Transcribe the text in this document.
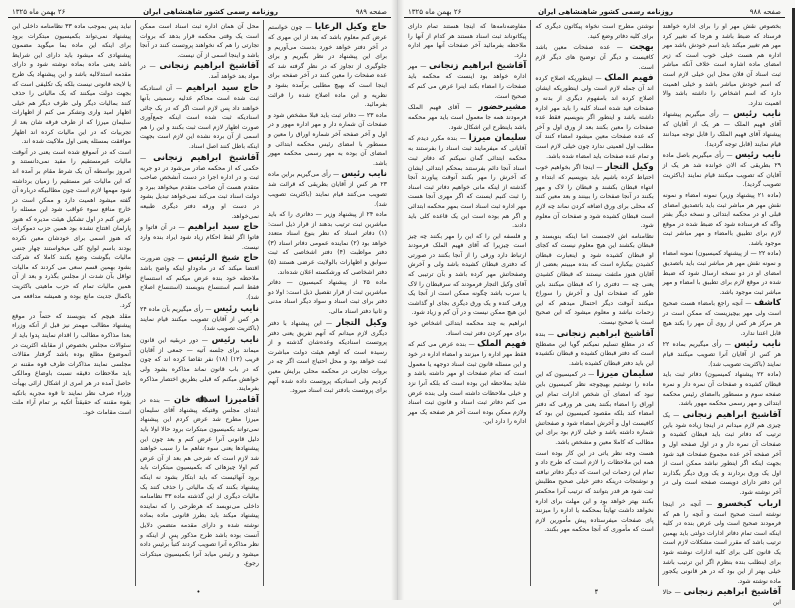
صفحه ۹۸۹
روزنامه رسمی کشور شاهنشاهی ایران
۲۶ بهمن ماه ۱۳۲۵
حاج وکیل الرعایا — چون خواستم عرض کنم معلوم باشد که بعد از این مهری که در آخر دفتر خواهد خورد بدست می‌آوریم و برای این پیشنهاد در نظر بگیریم و برای جلوگیری از تجاوز که در نظر گرفته شد که عده صفحات را معین کنند در آخر صفحه برای اینجا است که بهیچ مطلبی برآمده بشود و نظریه و این ماده اصلاح شده را قرائت بفرمائید.
ماده ۲۳ — دفاتر ثبت باید قبلا مشخص شود و صفحات آن شماره دار و مهر اداره مهور و در اول و آخر صفحه آخر شماره اوراق را معین و مسطور با امضای رئیس محکمه ابتدائی و امضای آن بوده به مهر رسمی محکمه مهور باشد.
نایب رئیس — رأی می‌گیریم براین ماده ۲۳ هر کس از آقایان بطریقی که قرائت شد تصویب می‌کنند قیام نمایند (باکثریت تصویب شد).
ماده ۲۴ از پیشنهاد وزیر — دفاتری را که باید مباشرین ثبت ترتیب بدهند از قرار ذیل است: (۱) دفاتر اسناد که نظر بنوع اسناد متعدد خواهد بود (۲) نماینده عمومی دفاتر اسناد (۳) دفتر مواظبت (۴) دفتر اشخاصی که ثبت سوابق و اظهارات بالولایت عرضی هستند (۵) دفتر اشخاصی که ورشکسته اعلان شده‌اند.
ماده ۲۵ از پیشنهاد کمیسیون — دفاتر مباشرین ثبت از قرار تفصیل ذیل است: اولا دو دفتر برای ثبت اسناد و سواد دیگر اسناد مدنی و ثانیا دفتر اسناد مالی.
وکیل التجار — این پیشنهاد با دفتر دیگری لازم میدانم که آنهم تفریق یعنی دفتر پروتست اسنادیکه وعده‌شان گذشته و از رسیده است که اوهم هیئت دولت مباشرت ثبت خواهد بود و محل احتیاج است اگر چه در بروات تجارتی در محکمه محلی برایش معین کردیم ولی اسنادیکه پروتست داده شده آنهم برای پروتست بادفتر ثبت اسناد میرود.
محل آن همان اداره ثبت اسناد است ممکن است یک وقتی محکمه قرار بدهد که بروات تجارتی را هم که نخواهند پروتست کنند در آنجا باشد و اینجا اسمی از آن نیست.
آقاشیخ ابراهیم زنجانی — در مواد بعد خواهد آمد.
حاج سید ابراهیم — آن اسنادیکه ثبت شده است محاکم عدلیه رسمیتی بآنها خواهند داد پس لازم است اگر که در یک جائی اسنادیکه ثبت شده است اینکه جمع‌آوری صورت اظهار لازم است ثبت بکنند و این را هم اسمی از آن برده نشده این لازم است بجهت اینکه باطل کنند اصل اسناد.
آقاشیخ ابراهیم زنجانی — حکمی که از محکمه صادر می‌شود در دو جریه ثبت و در اداره اجرا در دست آنشخص صاحب متقدم هست آن صاحب متقدم میخواهد ببرد و دولت اسناد ثبت می‌کند نمی‌خواهد تبدیل بشود در دست او ورقه دفتر دیگری طبیعه نمی‌خواهد.
حاج سید ابراهیم — در آن فاتوا و فاتوا اگر لفظ احکام زیاد شود ایراد بنده وارد نیست.
حاج شیخ الرئیس — چون ضرورت اقتضا میکند که در مادوداو اینکه واضح باشد ملاحظه خود بنده عرض میکنم که استنساخ فقط اسم استنساخ بنویسند (استنساخ اصلاح شد).
نایب رئیس — رأی میگیریم بآن ماده ۲۴ هر کس از آقایان تصویب میکنند قیام نمایند (باکثریت تصویب شد).
نایب رئیس — دور دربقیه این قانون میماند برای جلسه آتیه — جمعی از آقایان قریب (۱۲) (۱۸) نفر تقاضا کرده اند که چون که در باب قانون نماند مذاکره بشود ولی خواهش میکنم که قبلی بطریق اختصار مذاکره بفرمایند.
آقامیرزا اسداﷲ خان — بنده در ابتدای مجلس وقتیکه پیشنهاد آقای سلیمان میرزا مطرح شد عرض کردم این پیشنهاد نمی‌تواند بکمیسیون مبتکرات برود حالا اولا باید دلیل قانونی آنرا عرض کنم و بعد چون این پیشنهادها یعنی سوء تفاهم ما را سبب خواهند شد لازم است که شرحی هم بعد از آن عرض کنم اولا چیزهائی که بکمیسیون مبتکرات باید برود آنهائیست که باید ابتکار بشود نه اینکه پیشنهاد بکنند که یک مالیاتی را حذف کنند یک مالیات دیگری از این گذشته ماده ۳۳ نظامنامه داخلی می‌نویسد که هرطرحی را که نماینده پیشنهاد میکند باید بطرز قانونی ماده بماده نوشته شده و دارای مقدمه متضمن دلایل آنست بوده باشد طرح مذکور پس از اینکه و نظر مذاکره آنرا تصویب کردند کتباً برئیس داده میشود و رئیس میابد آنرا بکمیسیون مبتکرات رجوع.
نباید پس بموجب ماده ۳۳ نظامنامه داخلی این پیشنهاد نمی‌تواند بکمیسیون مبتکرات برود برای اینکه این ماده بما میگوید مضمون پیشنهادی که میشود باید دارای این شرایط باشد یعنی ماده بماده نوشته شود و دارای مقدمه استدلالیه باشد و این پیشنهاد یک طرح یا لایحه قانونی نیست بلکه یک تکلیفی است که بجهت دولت میکنند که یک مالیاتی را حذف کنند بمالیات دیگر ولی طرف دیگر هم خیلی اظهار امید واری وتشکر می کنم از اظهارات سلیمان میرزا که از طرف فرقه شان بعد از تجربیات که در این مالیات کرده اند اظهار موافقت بمسئله یعنی اول ملاکیت شده اند.
است که در آنموقع شده است یعنی در آنوقت مالیات غیرمستقیم را مفید نمی‌دانستند و امروز بواسطه آن یک شرط مقام بر آمده اند که این مالیات غیر مستقیم را زمیان برداشته شود مهمها لازم است چون مطالبیکه درباره آن گفته میشود اهمیت دارد و ممکن است در خارج منافع سوء عواقب شود این مسئله را عرض کنم در اول تشکیل هیئت مدیره که هنوز پارلمان افتتاح نشده بود همین حزب دموکرات که هنوز اسمی برای خودشان معین نکرده بودند باسم لوایح کلی میخواستند چهار جنس مالیات بگوشت وضع بکنند کاملا که شرکت بشود بهمین قسم سعی می کردند که مالیات تواقل بآن شدت از مجلس بگذرد و بعد از آن همین مالیات تمام که حزب ماهیتی باکثریت باکمال جدیت مانع بوده و همیشه مدافعه می کرد.
مقلد هیچم که بنویسند که حتماً در موقع پیشنهاد مطالب مهمتر نیز قبل از آنکه وزراء بعدا مذاکره مطالب را اقدام نمایند پدوا باید از سئوالات مجلس بخصوص از مقابله اکثریت در آنموضوع مطلع بوده باشد گرفتار مقالات مجلسی نمایند مذاکرات طرف قوه مقننه تر باید ملاحظات دقیقه نسبت باوضاع ومالکی حاصل آمده در هر امری از اشکال ارائی بهیأت وزراء صرف نظر نمایند تا قوه مجریه باتکیه بقوه مقننه که حقیقتاً اتکیه بر تمام آراء ملت است مقامات خود.
•
صفحه ۹۸۸
روزنامه رسمی کشور شاهنشاهی ایران
۲۶ بهمن ماه ۱۳۲۵
بخصوص نقش مهر او را برای اداره خواهند فرستاد که ضبط باشد و هرجا که تغییر کرد مهر هم تغییر میکند باید اسم خودش باشد مهر اداره هم هست خیلی خوب است که زیر امضای ماده اشاره است خلاف آنکه مباشر ثبت اسناد آن فلان محل این خیلی لازم است که اسم خودش مباشر باشد و خیلی اهمیت دارد که اسم اشخاص را داشته باشد والا اهمیت ندارد.
نایب رئیس — رأی میگیریم پیشنهاد آقای فهیم الملک — هر یک از آقایان که پیشنهاد آقای فهیم الملک را قابل توجه میدانند قیام نمایند (قابل توجه گردید).
نایب رئیس — رأی میگیریم باصل ماده ۲۹ بطریقی که الان خوانده شد هر یک از آقایان که تصویب میکنند قیام نمایند (باکثریت تصویب گردید).
(ماده ۲۱ پیشنهاد وزیر) نمونه امضاء و نمونه نقش مهر هر مباشر ثبت باید باتصدیق امضای قبلی او در محکمه ابتدائی و نسخه دیگر بفتر واگه که فرستاده شود که ضبط شده در موقع لازم برای تطبیق باامضاء و مهر مباشر ثبت موجود باشد.
(ماده ۲۲ — از پیشنهاد کمیسیون) نمونه امضاء و نمونه نقش مهر هر مباشر ثبت باید باتصدیق امضای او در دو نسخه ارسال شود که ضبط شده در موقع لازم برای تطبیق با امضاء و مهر مباشر ثبت موجود باشد.
کاشف — آنچه راجع بامضاء هست صحیح است ولی مهر بیچیزیست که ممکن است در هر مرکز هر کس از روی آن مهر را بکند هیچ قابل اعتنا ندارد.
نایب رئیس — رأی میگیریم بماده ۲۲ هر کس از آقایان آنرا تصویب میکنند قیام نمایند (باکثریت تصویب شد).
(ماده ۲۲ پیشنهاد کمیسیون) دفاتر ثبت باید قبطان کشیده و صفحات آن نمره دار و نمره صفحه سوم و مسطور باامضای رئیس محکمه ابتدائی و مهر رسمی محکمه مهور باشد.
آقاشیخ ابراهیم زنجانی — یک چیزی هم لازم میدانم در اینجا زیاده شود باین ترتیب که دفاتر ثبت باید قبطان کشیده و صفحات آن نمره دار و در اول صفحه اول و آخر صفحه آخر عده مجموع صفحات قید شود بجهت اینکه اگر اینطور نباشد ممکن است از اول یک ورق بردارند و یک ورق دیگر بگذارند این دفتر دارای دویست صفحه است ولی در آخر نوشته شود.
ارباب کیخسرو — آنچه در اینجا نوشته است صحیح است و آنچه را هم که فرمودند صحیح است ولی عرض بنده در کلیه اینکه است تمام دفاتر ادارات دولتی باید بهمین ترتیب باشد که مقرر است مشکلات لازم است یک قانون کلی برای کلیه ادارات نوشته شود برای اینطلب بنده بنظرم اگر این ترتیب باشد خیلی بهتر از این بود که در هر قانونی یکجور ماده نوشته شود.
آقاشیخ ابراهیم زنجانی — حالا این
نوشتن مطرح است نخواه پیکاتون دیگری که برای کلیه دفاتر وضع کنید.
بهجت — عده صفحات معین باشد کافیست و دیگر آن توضیح های دیگر لازم است.
فهیم الملک — اینطوریکه اصلاح کرده اند آن جمله لازم است ولی اینطوریکه ایشان اصلاح کرده اند بامفهوم دیگری از بدنه و صفحات قید شده اسناد کلیه را باید مهر اداره داشته باشد و اینطور اگر بنویسیم فقط عده صفحات را معین بکنند بعد از ورق اول و آخر که عده صفحات معین میشود امضاء کنند آن مطلب اول اهمیتی ندارد چون خیلی لازم است و تمام عده صفحات باید امضاء شده باشد.
وکیل التجار — اینجا اگر بخواهیم خوب احتیاط کرده باشیم باید بنویسیم که ابتداء و انتهاء قبطان بکشند و قبطان را لاک و مهر بکنند در آنجا صفحات را ببینند و بعد معین کنند که محلی برای ورق اضافه کردن نماند چه لازم است قبطان کشیده شود و صفحات آن معلوم شود.
نظامنامه اش لاجمست اما اینکه بنویسند و قبطان بکشند این هیچ معلوم نیست که کجای او قبطان کشیده شود و اینعبارت قبطان کشیدن بیکباره است که بنده میبینم بعضی از آقایان هنوز ملتفت نیستند که قبطان کشیدن یعنی چه — دفتری را که قبطان میکنند باین طور که صفحات اول و آخرش را سوراخ میکنند آنوقت دیگر احتمال میدهم که این زحمات نباشد و معلوم میشود که این صحیح است یا صحیح نیست.
آقاشیخ ابراهیم زنجانی — بنده که در مطلع تسلیم نمیکنم گویا این مصطلح است که دفتر قبطان کشیده و قبطان نکشیده این باید دفتر قبطان کشیده باشد.
سلیمان میرزا — در کمیسیون که این ماده را نوشتیم بهیچوجه نظر کمیسیون باین نبود که امضای آن شخص ادارات تمام این اوراق را امضاء بکنند یعنی هر ورقی که دفتر امضاء کند بلکه مقصود کمیسیون این بود که کافیست اول و آخرش امضاء شود و صفحاتش شماره داشته باشد و خیلی لازم بود برای این مطالب که کاملا معین و مشخص باشد.
هست وجه نظر یاتی در این کار بوده است همه این ملاحظات را لازم است که طرح داد و تمام این زحمات این است که دیگر دفاتر نیافته و نوشتجات درینکه دفتر خیلی صحیح مطلبش ثبت شود هر قدر بتوانند که ترتیب آنرا محکمتر بکنند بهتر خواهد بود و این مهلت برای اداره نخواهد داشت تهایتاً بمحکمه یا اداره را میزنند پای صفحات میفرستاده پیش مأمورین لازم است که مأموری که آنجا محکمه مهر بکنند.
مفاوضه‌نامه‌ها که اینجا هستند تمام دارای پیکاتوناند ثبت اسناد هستند هر کدام از آنها را ملاحظه بفرمائید آخر صفحات آنها مهر اداره دارد.
آقاشیخ ابراهیم زنجانی — مهر اداره خواهد بود اینست که محکمه باید صفحات را امضاء بکند اینرا عرض می کنم که صحیح است.
مشیرحضور — آقای فهیم الملک فرمودند همه جا معمول است باید مهر محکمه باشد باینطرح این اشکال شود.
سلیمان میرزا — بنده مکرر دیدم که آقایانی که میفرمایند ثبت اسناد را بفرستند به محکمه ابتدائی گمان نمیکنم که دفاتر ثبت اسناد آنجا دائم بفرستند بمحکم ابتدائی ایشان که آخرش را مهر بکنند آنوقت پیاورند آنجا گذشته از اینکه مانی خواهیم دفاتر ثبت اسناد را ثبت کنیم ایسنت که اگر مهری آنجا هست مهر اداره ثبت اسناد است بمهر محکمه ابتدائی و اگر هم بوده است این یک قاعده کلی باید دادند.
و فلسفه این را که این را مهر بکنند چه چیز است چیزیرا که آقای فهیم الملک فرمودند ارتباط دارد ورقی را از آنجا بکنند در صورتی که دفتری قبطان کشیده باشد ولی و آخرش وصفحاتش مهر کرده باشد و بآن ترتیبی که آقای وکیل التجار فرمودند که سرقبطان را لاک یا سرب باشد چگونه ممکن است از آنجا یک ورقی کنده و یک ورق دیگری بجای او گذاشت این هیچ ممکن نیست و در آن کم و زیاد شود.
ابراهیم به چند محکمه ابتدائی اشخاص خود برای مهر کردن دفتر ثبت اسناد.
فهیم الملک — بنده عرض می کنم که فقط مهر اداره را میزنند و امضاء اداره در خود و این مسئله قانون ثبت اسناد دوجهه یا معمول است که تمام صفحات او مهر داشته باشد و شاید بملاحظه این بوده است که بلکه آنرا نزد و خیلی ملاحظات داشته است ولی بنده عرض می کنم دفاتر ثبت اسناد و قانون ثبت اسناد ولازم ممکن بوده است آخر هر صفحه یک مهر اداره را دارد این.
۴
